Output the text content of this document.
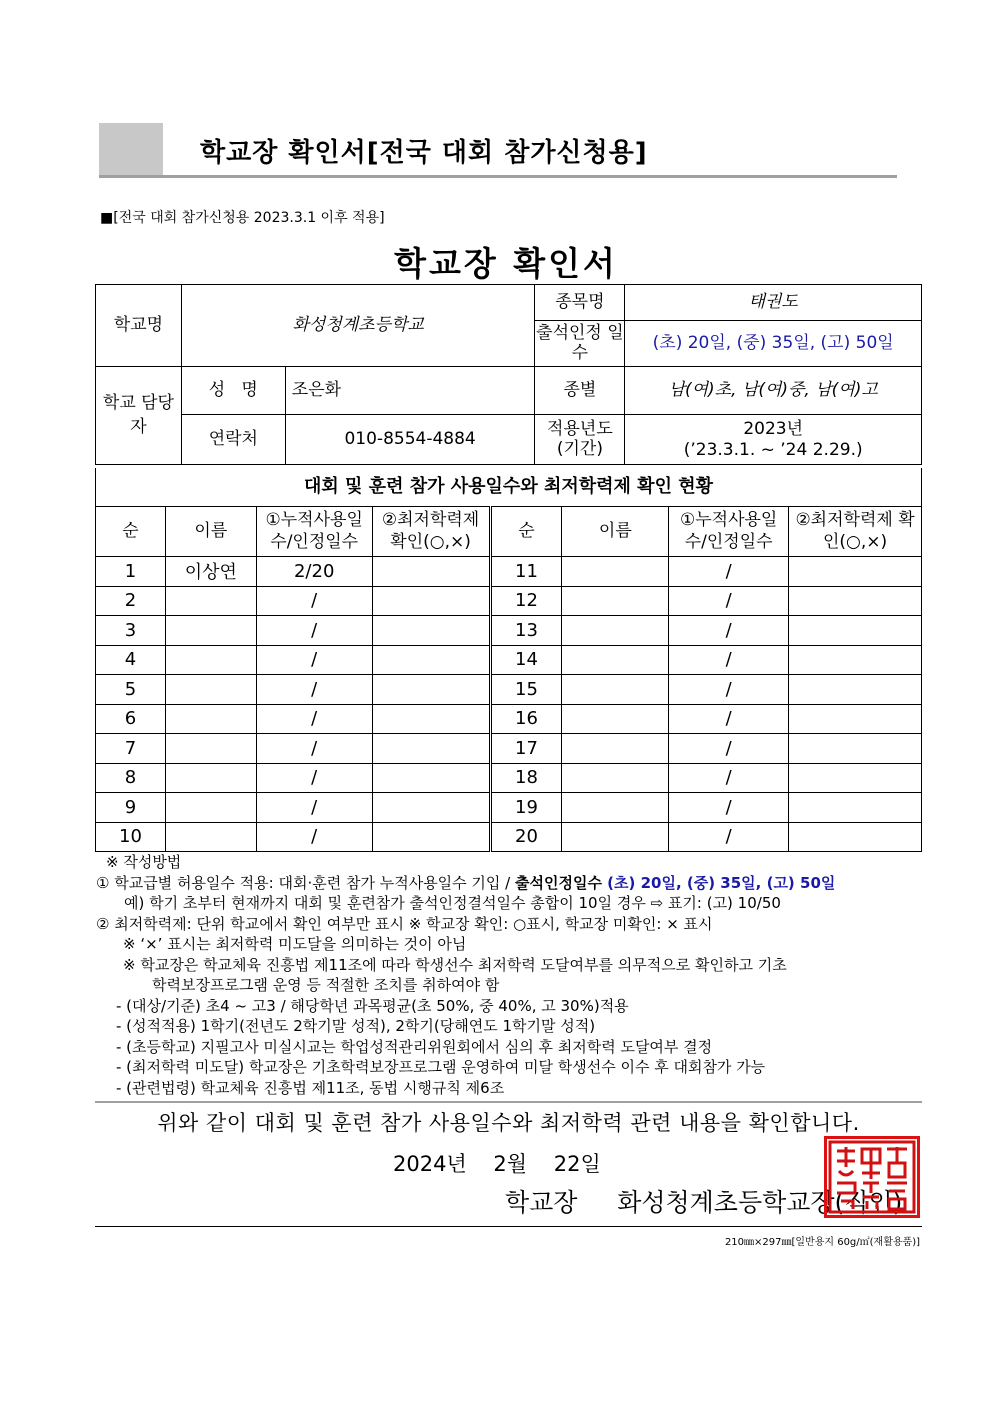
학교장 확인서[전국 대회 참가신청용]
■[전국 대회 참가신청용 2023.3.1 이후 적용]
학교장 확인서
학교명	화성청계초등학교		종목명	태권도
			출석인정 일수	(초) 20일, (중) 35일, (고) 50일
학교 담당자	성   명	조은화	종별	남(여)초, 남(여)중, 남(여)고
	연락처	010-8554-4884	적용년도 (기간)	2023년
(’23.3.1. ~ ’24 2.29.)
대회 및 훈련 참가 사용일수와 최저학력제 확인 현황
순	이름	①누적사용일수/인정일수	②최저학력제 확인(○,×)	순	이름	①누적사용일수/인정일수	②최저학력제 확인(○,×)
1	이상연	2/20		11		/	
2		/		12		/	
3		/		13		/	
4		/		14		/	
5		/		15		/	
6		/		16		/	
7		/		17		/	
8		/		18		/	
9		/		19		/	
10		/		20		/	
※ 작성방법
① 학교급별 허용일수 적용: 대회·훈련 참가 누적사용일수 기입 / 출석인정일수 (초) 20일, (중) 35일, (고) 50일
예) 학기 초부터 현재까지 대회 및 훈련참가 출석인정결석일수 총합이 10일 경우 ⇨ 표기: (고) 10/50
② 최저학력제: 단위 학교에서 확인 여부만 표시 ※ 학교장 확인: ○표시, 학교장 미확인: × 표시
※ ‘×’ 표시는 최저학력 미도달을 의미하는 것이 아님
※ 학교장은 학교체육 진흥법 제11조에 따라 학생선수 최저학력 도달여부를 의무적으로 확인하고 기초
학력보장프로그램 운영 등 적절한 조치를 취하여야 함
- (대상/기준) 초4 ~ 고3 / 해당학년 과목평균(초 50%, 중 40%, 고 30%)적용
- (성적적용) 1학기(전년도 2학기말 성적), 2학기(당해연도 1학기말 성적)
- (초등학교) 지필고사 미실시교는 학업성적관리위원회에서 심의 후 최저학력 도달여부 결정
- (최저학력 미도달) 학교장은 기초학력보장프로그램 운영하여 미달 학생선수 이수 후 대회참가 가능
- (관련법령) 학교체육 진흥법 제11조, 동법 시행규칙 제6조
위와 같이 대회 및 훈련 참가 사용일수와 최저학력 관련 내용을 확인합니다.
2024년    2월    22일
학교장 화성청계초등학교장(직인)
210㎜×297㎜[일반용지 60g/㎡(재활용품)]
